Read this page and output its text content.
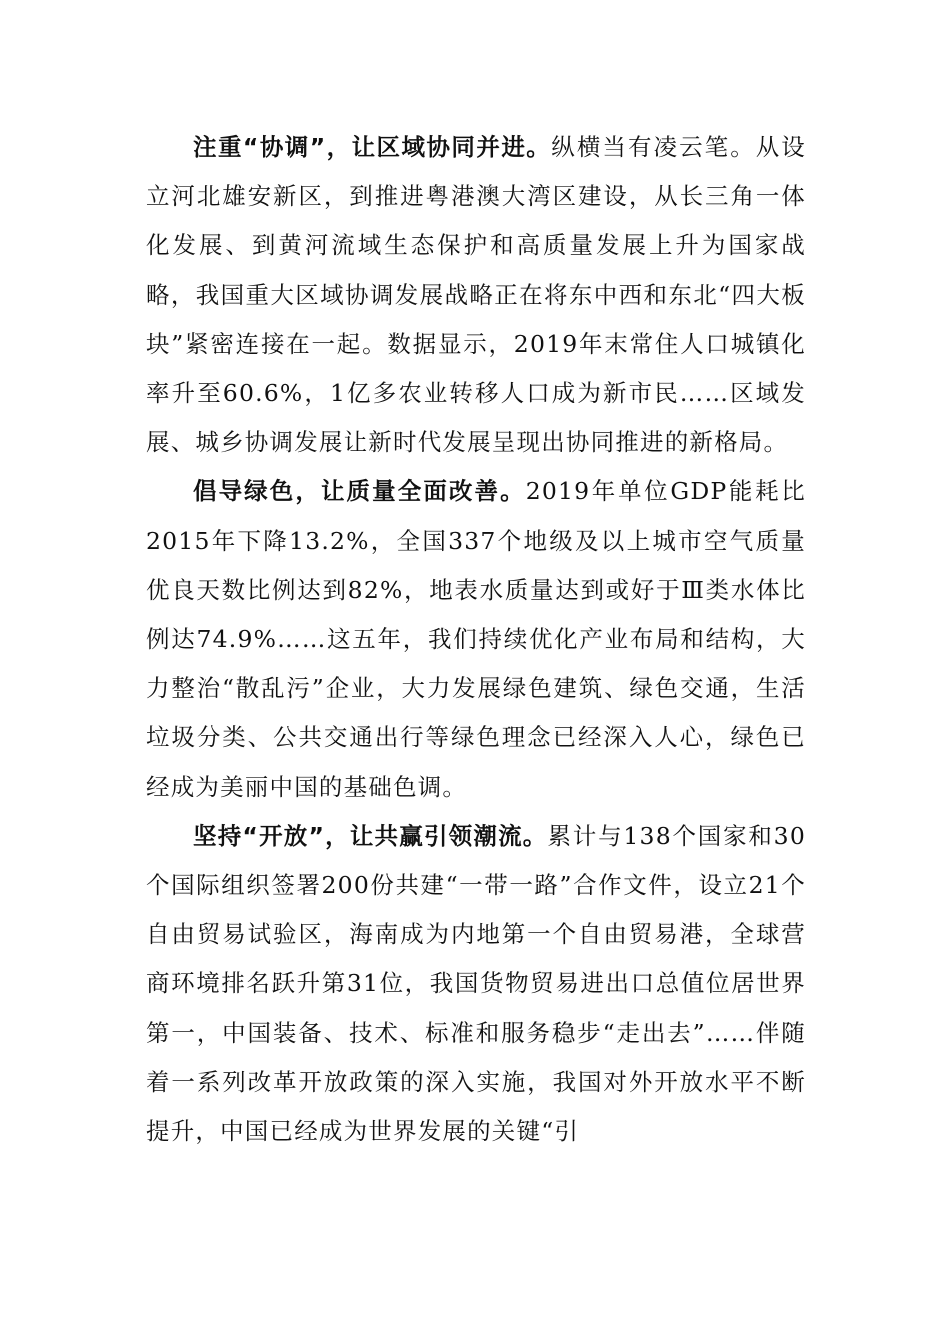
注重“协调”，让区域协同并进。纵横当有凌云笔。从设立河北雄安新区，到推进粤港澳大湾区建设，从长三角一体化发展、到黄河流域生态保护和高质量发展上升为国家战略，我国重大区域协调发展战略正在将东中西和东北“四大板块”紧密连接在一起。数据显示，2019年末常住人口城镇化率升至60.6%，1亿多农业转移人口成为新市民……区域发展、城乡协调发展让新时代发展呈现出协同推进的新格局。

倡导绿色，让质量全面改善。2019年单位GDP能耗比2015年下降13.2%，全国337个地级及以上城市空气质量优良天数比例达到82%，地表水质量达到或好于Ⅲ类水体比例达74.9%……这五年，我们持续优化产业布局和结构，大力整治“散乱污”企业，大力发展绿色建筑、绿色交通，生活垃圾分类、公共交通出行等绿色理念已经深入人心，绿色已经成为美丽中国的基础色调。

坚持“开放”，让共赢引领潮流。累计与138个国家和30个国际组织签署200份共建“一带一路”合作文件，设立21个自由贸易试验区，海南成为内地第一个自由贸易港，全球营商环境排名跃升第31位，我国货物贸易进出口总值位居世界第一，中国装备、技术、标准和服务稳步“走出去”……伴随着一系列改革开放政策的深入实施，我国对外开放水平不断提升，中国已经成为世界发展的关键“引
